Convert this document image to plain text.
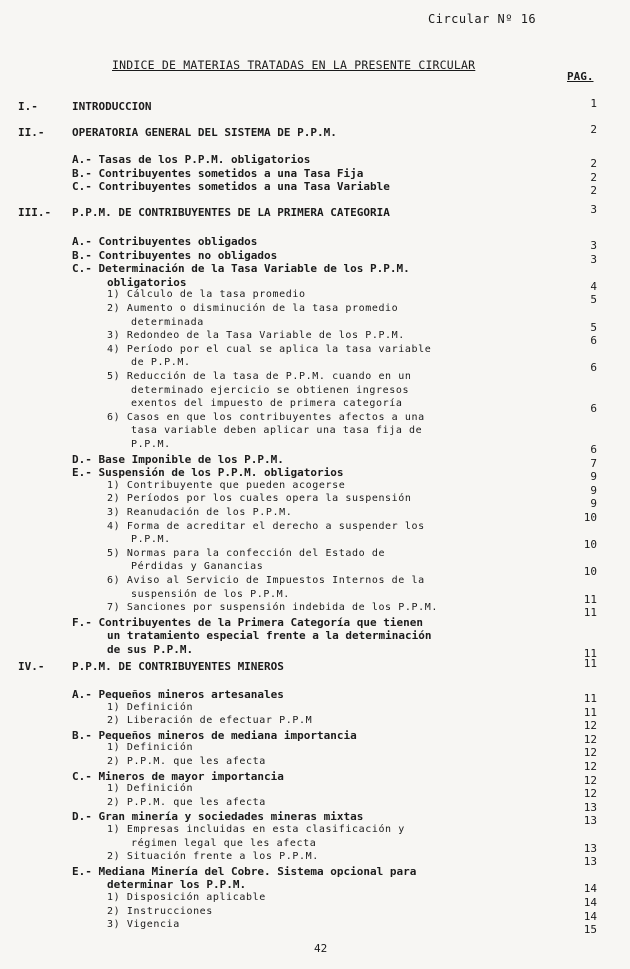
Circular Nº 16
INDICE DE MATERIAS TRATADAS EN LA PRESENTE CIRCULAR
PAG.
I.-	INTRODUCCION	1
II.-	OPERATORIA GENERAL DEL SISTEMA DE P.P.M.	2
A.- Tasas de los P.P.M. obligatorios	2
B.- Contribuyentes sometidos a una Tasa Fija	2
C.- Contribuyentes sometidos a una Tasa Variable	2
III.- P.P.M. DE CONTRIBUYENTES DE LA PRIMERA CATEGORIA	3
A.- Contribuyentes obligados	3
B.- Contribuyentes no obligados	3
C.- Determinación de la Tasa Variable de los P.P.M.
obligatorios	4
1) Cálculo de la tasa promedio	5
2) Aumento o disminución de la tasa promedio
determinada	5
3) Redondeo de la Tasa Variable de los P.P.M.	6
4) Período por el cual se aplica la tasa variable
de P.P.M.	6
5) Reducción de la tasa de P.P.M. cuando en un
determinado ejercicio se obtienen ingresos
exentos del impuesto de primera categoría	6
6) Casos en que los contribuyentes afectos a una
tasa variable deben aplicar una tasa fija de
P.P.M.	6
D.- Base Imponible de los P.P.M.	7
E.- Suspensión de los P.P.M. obligatorios	9
1) Contribuyente que pueden acogerse	9
2) Períodos por los cuales opera la suspensión	9
3) Reanudación de los P.P.M.	10
4) Forma de acreditar el derecho a suspender los
P.P.M.	10
5) Normas para la confección del Estado de
Pérdidas y Ganancias	10
6) Aviso al Servicio de Impuestos Internos de la
suspensión de los P.P.M.	11
7) Sanciones por suspensión indebida de los P.P.M.	11
F.- Contribuyentes de la Primera Categoría que tienen
un tratamiento especial frente a la determinación
de sus P.P.M.	11
IV.-	P.P.M. DE CONTRIBUYENTES MINEROS	11
A.- Pequeños mineros artesanales	11
1) Definición	11
2) Liberación de efectuar P.P.M	12
B.- Pequeños mineros de mediana importancia	12
1) Definición	12
2) P.P.M. que les afecta	12
C.- Mineros de mayor importancia	12
1) Definición	12
2) P.P.M. que les afecta	13
D.- Gran minería y sociedades mineras mixtas	13
1) Empresas incluidas en esta clasificación y
régimen legal que les afecta	13
2) Situación frente a los P.P.M.	13
E.- Mediana Minería del Cobre. Sistema opcional para
determinar los P.P.M.	14
1) Disposición aplicable	14
2) Instrucciones	14
3) Vigencia	15
42
